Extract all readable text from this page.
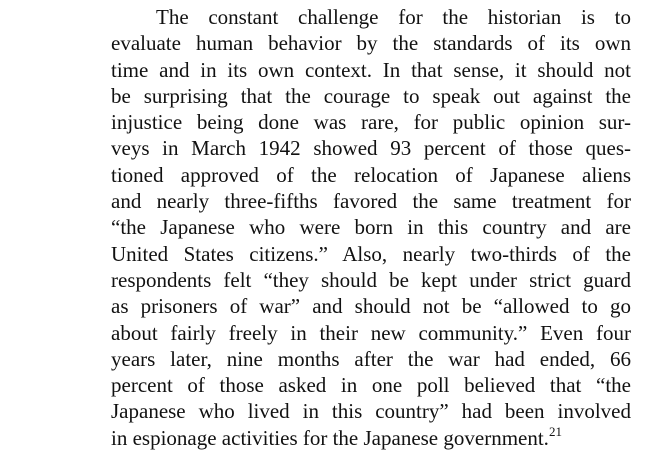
The constant challenge for the historian is to
evaluate human behavior by the standards of its own
time and in its own context. In that sense, it should not
be surprising that the courage to speak out against the
injustice being done was rare, for public opinion sur-
veys in March 1942 showed 93 percent of those ques-
tioned approved of the relocation of Japanese aliens
and nearly three-fifths favored the same treatment for
“the Japanese who were born in this country and are
United States citizens.” Also, nearly two-thirds of the
respondents felt “they should be kept under strict guard
as prisoners of war” and should not be “allowed to go
about fairly freely in their new community.” Even four
years later, nine months after the war had ended, 66
percent of those asked in one poll believed that “the
Japanese who lived in this country” had been involved
in espionage activities for the Japanese government.$^{21}$
